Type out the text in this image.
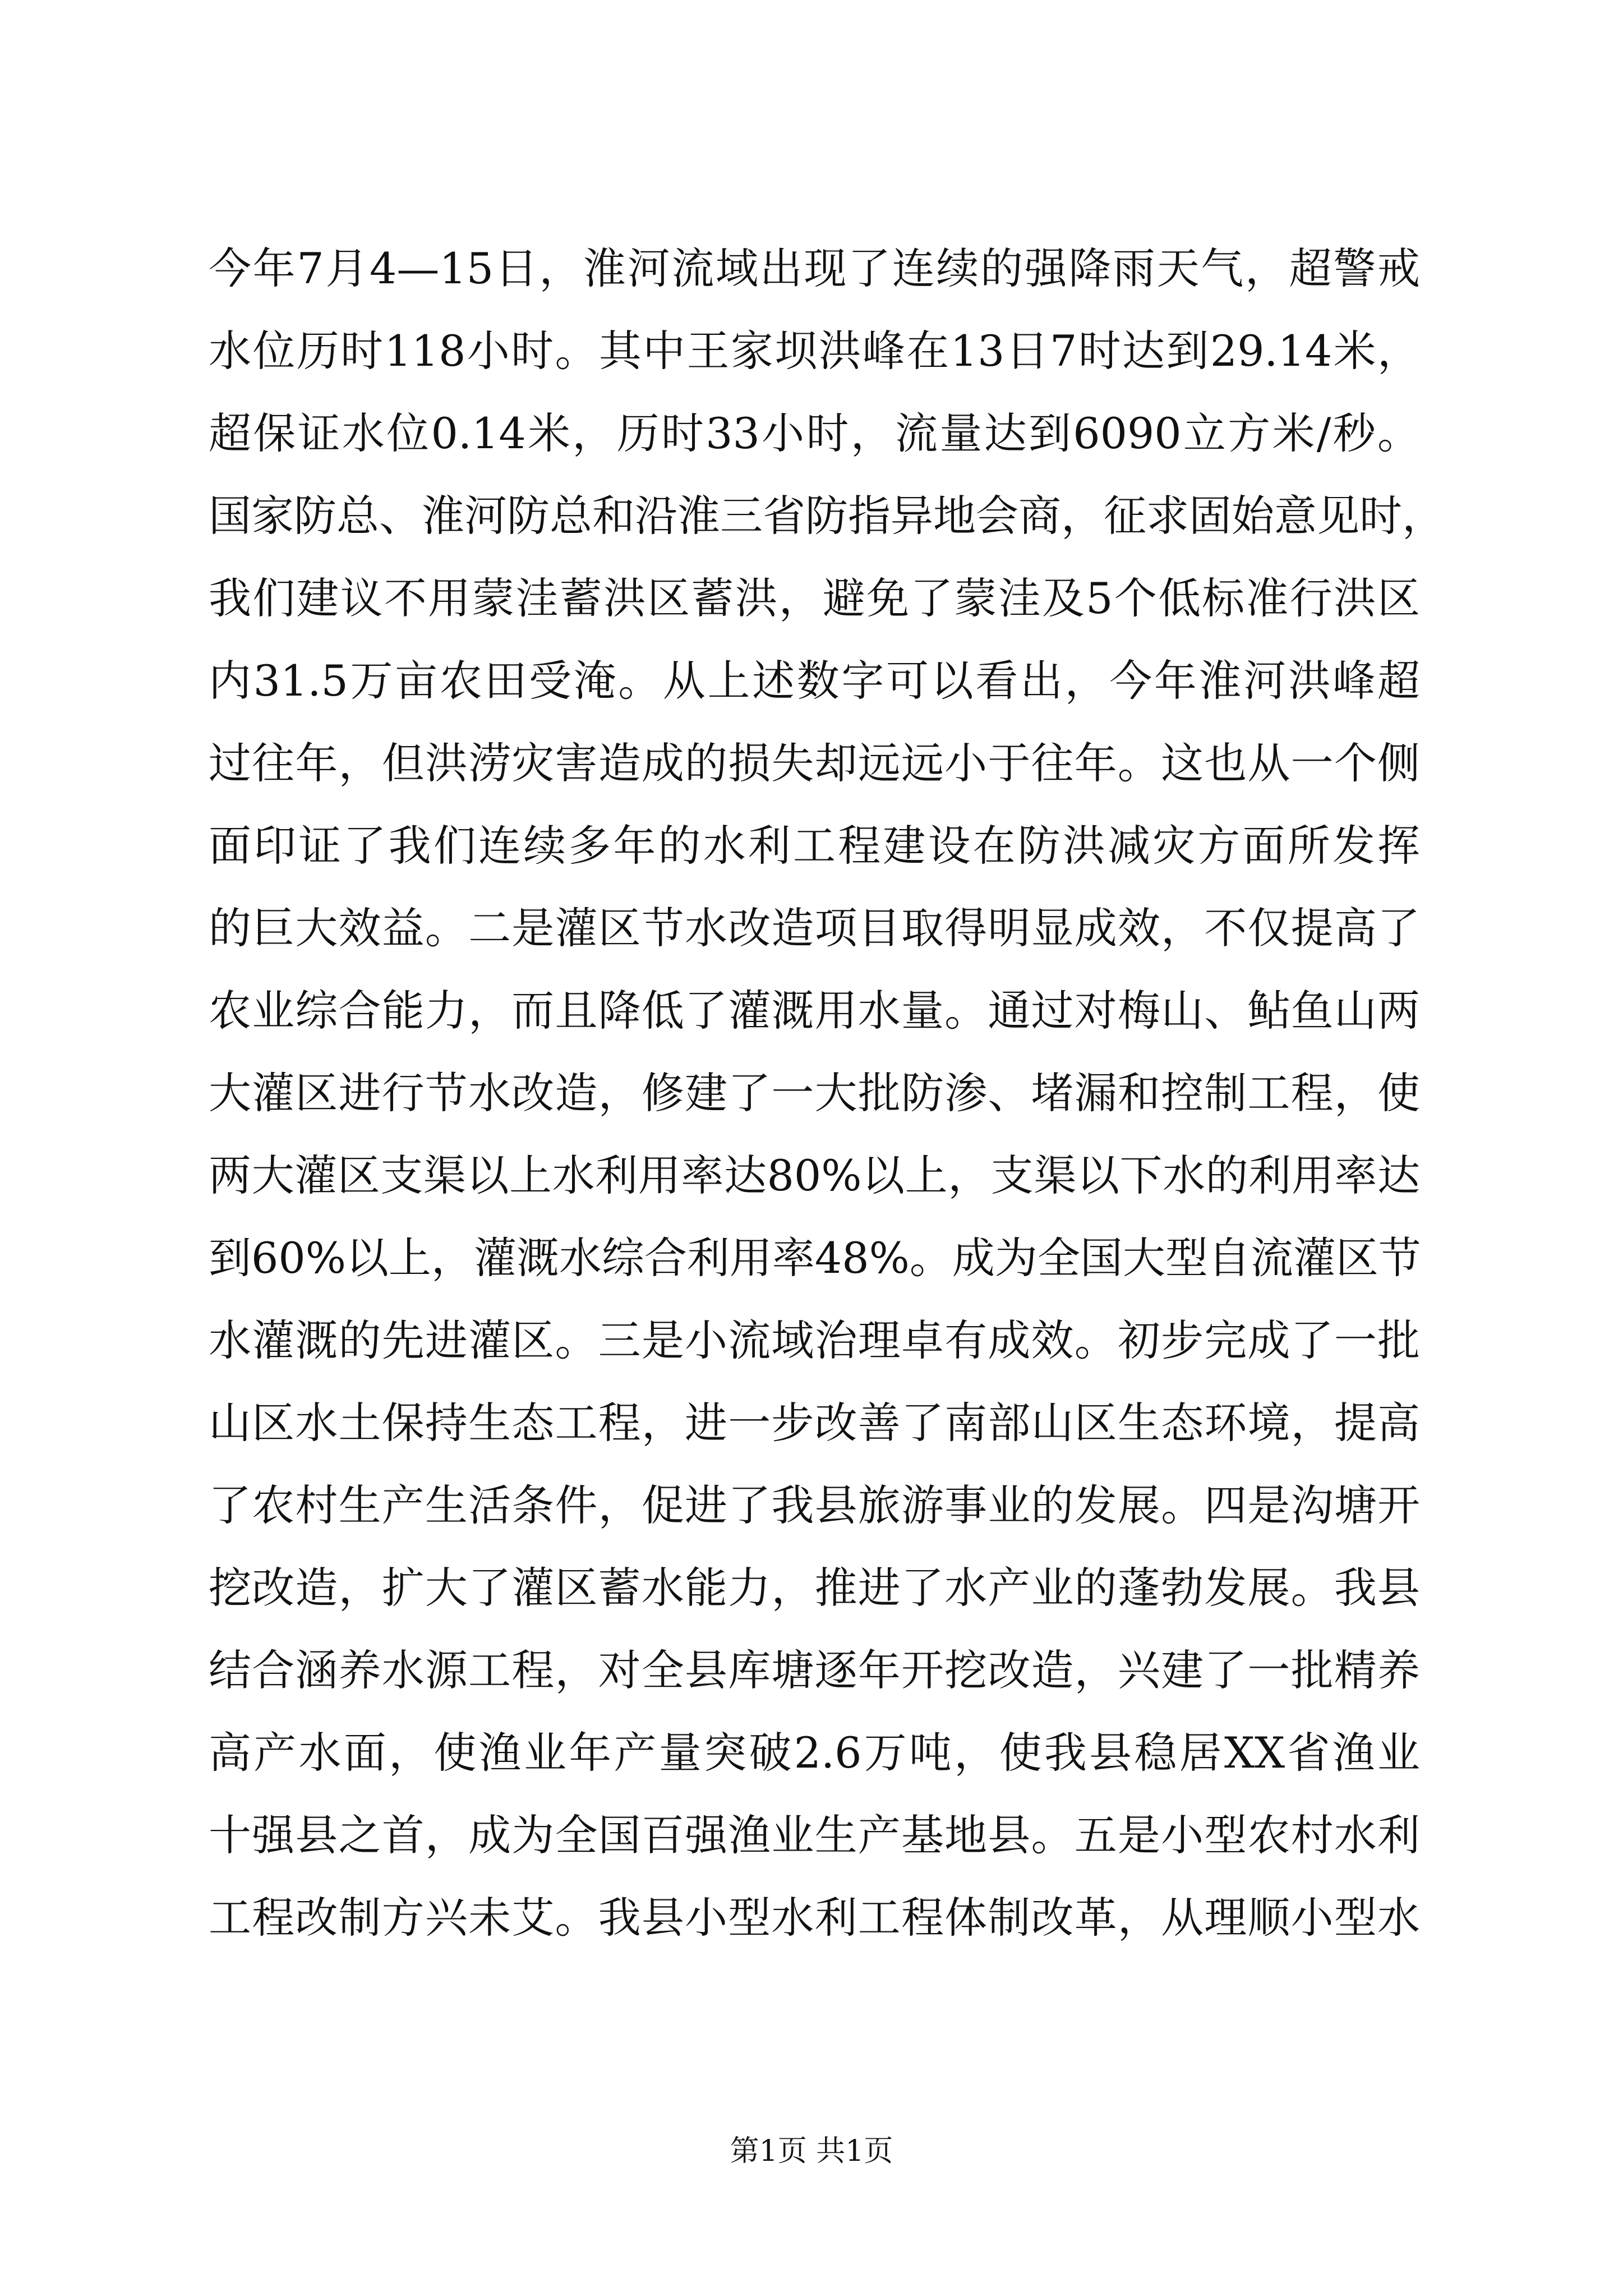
今年7月4—15日，淮河流域出现了连续的强降雨天气，超警戒
水位历时118小时。其中王家坝洪峰在13日7时达到29.14米，
超保证水位0.14米，历时33小时，流量达到6090立方米/秒。
国家防总、淮河防总和沿淮三省防指异地会商，征求固始意见时，
我们建议不用蒙洼蓄洪区蓄洪，避免了蒙洼及5个低标准行洪区
内31.5万亩农田受淹。从上述数字可以看出，今年淮河洪峰超
过往年，但洪涝灾害造成的损失却远远小于往年。这也从一个侧
面印证了我们连续多年的水利工程建设在防洪减灾方面所发挥
的巨大效益。二是灌区节水改造项目取得明显成效，不仅提高了
农业综合能力，而且降低了灌溉用水量。通过对梅山、鲇鱼山两
大灌区进行节水改造，修建了一大批防渗、堵漏和控制工程，使
两大灌区支渠以上水利用率达80%以上，支渠以下水的利用率达
到60%以上，灌溉水综合利用率48%。成为全国大型自流灌区节
水灌溉的先进灌区。三是小流域治理卓有成效。初步完成了一批
山区水土保持生态工程，进一步改善了南部山区生态环境，提高
了农村生产生活条件，促进了我县旅游事业的发展。四是沟塘开
挖改造，扩大了灌区蓄水能力，推进了水产业的蓬勃发展。我县
结合涵养水源工程，对全县库塘逐年开挖改造，兴建了一批精养
高产水面，使渔业年产量突破2.6万吨，使我县稳居XX省渔业
十强县之首，成为全国百强渔业生产基地县。五是小型农村水利
工程改制方兴未艾。我县小型水利工程体制改革，从理顺小型水
第1页 共1页
